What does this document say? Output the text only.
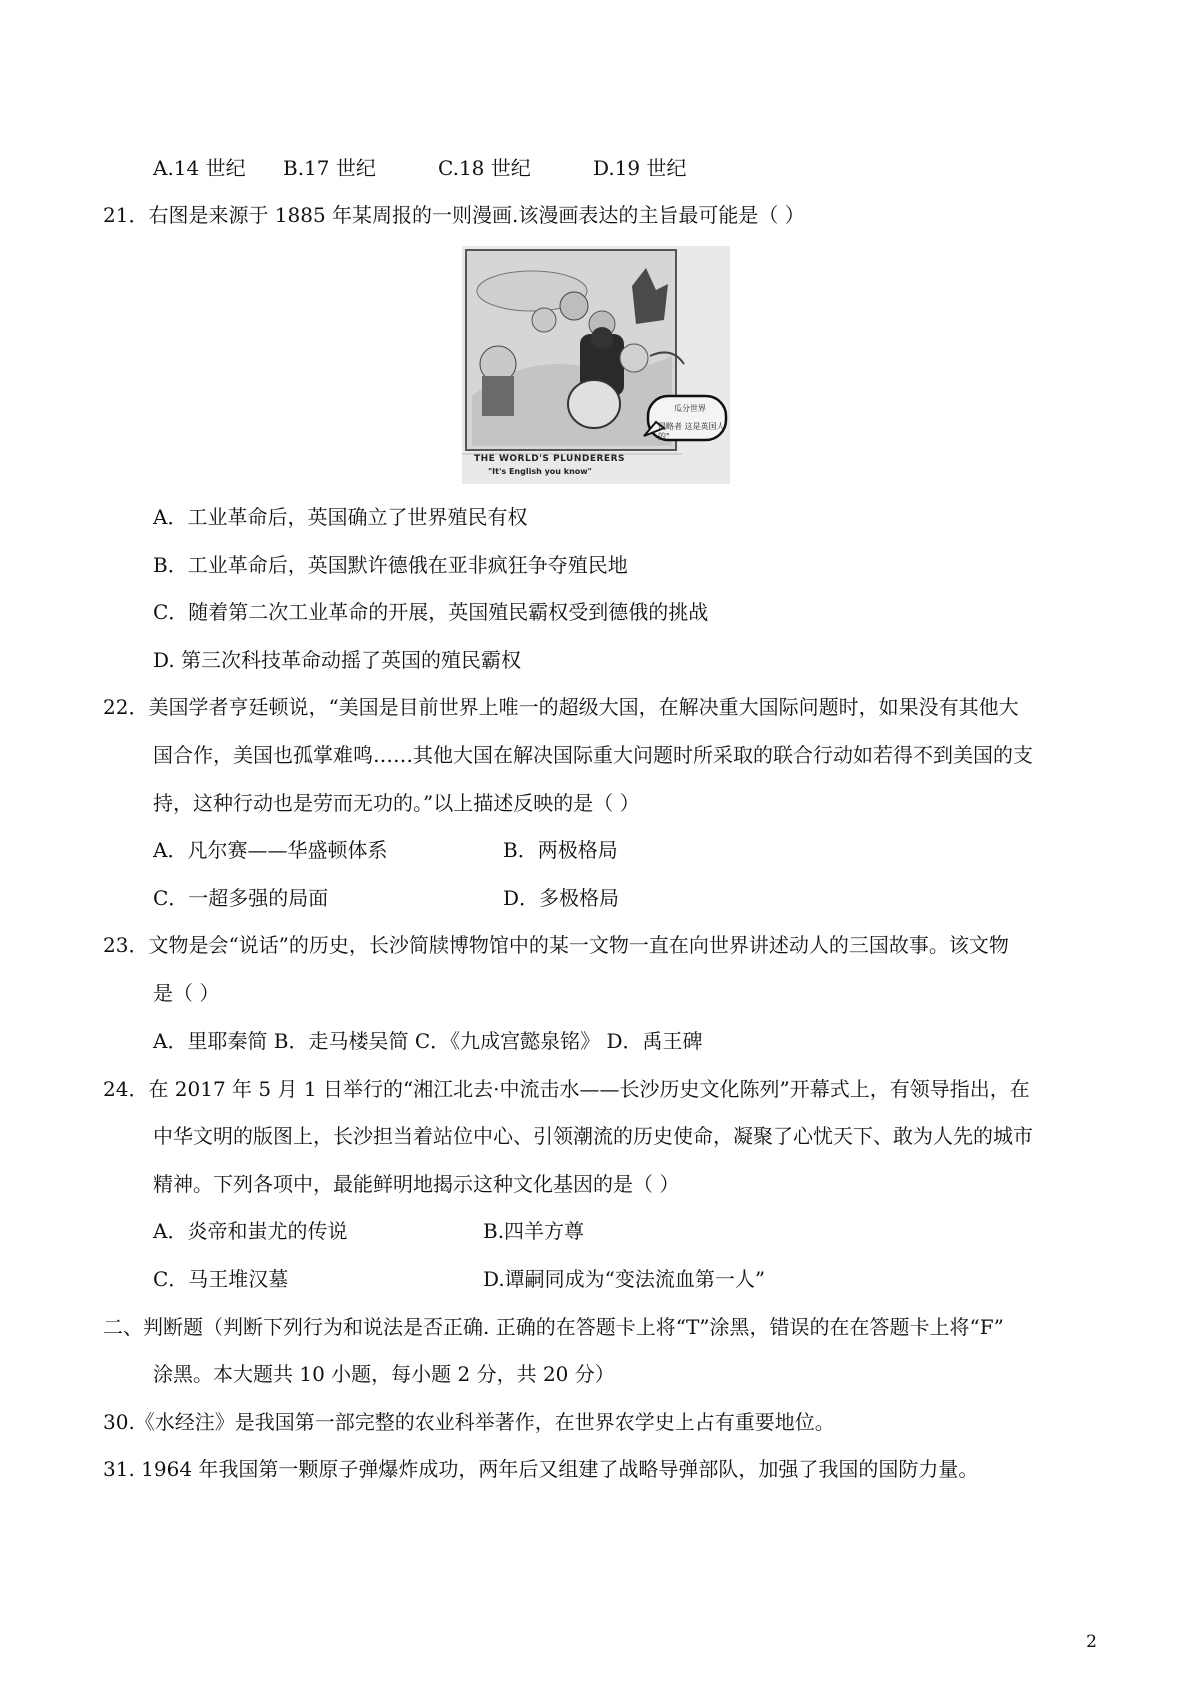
A.14 世纪 B.17 世纪	C.18 世纪	D.19 世纪
21．右图是来源于 1885 年某周报的一则漫画.该漫画表达的主旨最可能是（ ）
瓜分世界
侵略者 这是英国人的"
THE WORLD'S PLUNDERERS
"It's English you know"
A．工业革命后，英国确立了世界殖民有权
B．工业革命后，英国默许德俄在亚非疯狂争夺殖民地
C．随着第二次工业革命的开展，英国殖民霸权受到德俄的挑战
D. 第三次科技革命动摇了英国的殖民霸权
22．美国学者亨廷顿说，“美国是目前世界上唯一的超级大国，在解决重大国际问题时，如果没有其他大
国合作，美国也孤掌难鸣……其他大国在解决国际重大问题时所采取的联合行动如若得不到美国的支
持，这种行动也是劳而无功的。”以上描述反映的是（ ）
A．凡尔赛——华盛顿体系	B．两极格局
C．一超多强的局面	D．多极格局
23．文物是会“说话”的历史，长沙简牍博物馆中的某一文物一直在向世界讲述动人的三国故事。该文物
是（ ）
A．里耶秦简 B．走马楼吴简 C．《九成宫懿泉铭》 D．禹王碑
24．在 2017 年 5 月 1 日举行的“湘江北去·中流击水——长沙历史文化陈列”开幕式上，有领导指出，在
中华文明的版图上，长沙担当着站位中心、引领潮流的历史使命，凝聚了心忧天下、敢为人先的城市
精神。下列各项中，最能鲜明地揭示这种文化基因的是（ ）
A．炎帝和蚩尤的传说	B.四羊方尊
C．马王堆汉墓	D.谭嗣同成为“变法流血第一人”
二、判断题（判断下列行为和说法是否正确. 正确的在答题卡上将“T”涂黑，错误的在在答题卡上将“F”
涂黑。本大题共 10 小题，每小题 2 分，共 20 分）
30.《水经注》是我国第一部完整的农业科举著作，在世界农学史上占有重要地位。
31. 1964 年我国第一颗原子弹爆炸成功，两年后又组建了战略导弹部队，加强了我国的国防力量。
2
